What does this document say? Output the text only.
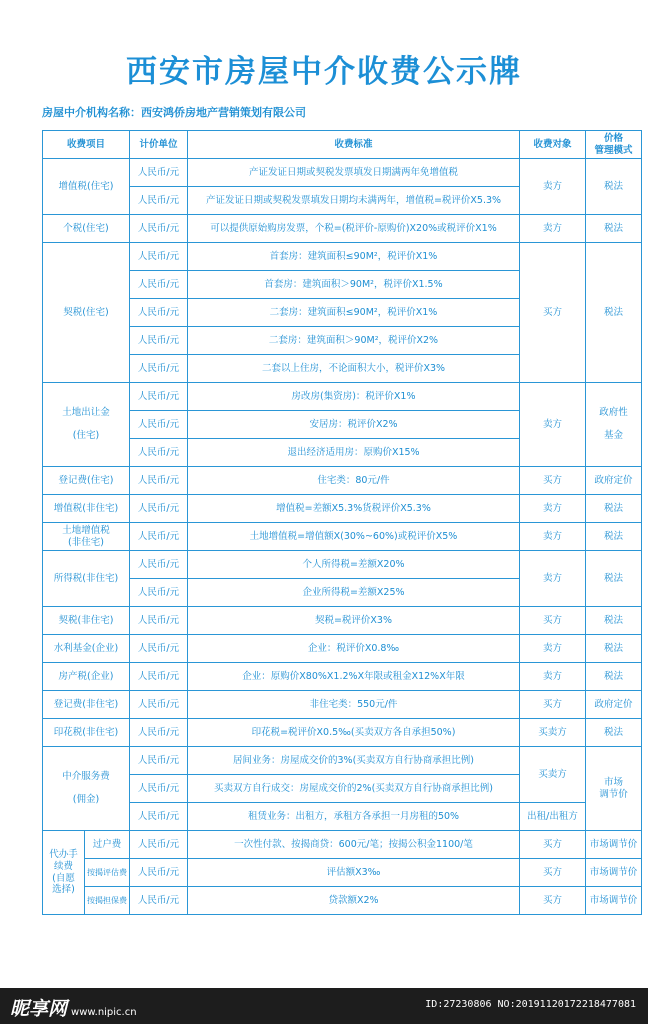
西安市房屋中介收费公示牌
房屋中介机构名称：西安鸿侨房地产营销策划有限公司
收费项目		计价单位	收费标准	收费对象	价格
管理模式
增值税(住宅)		人民币/元	产证发证日期或契税发票填发日期满两年免增值税	卖方	税法
		人民币/元	产证发证日期或契税发票填发日期均未满两年，增值税=税评价X5.3%		
个税(住宅)		人民币/元	可以提供原始购房发票，个税=(税评价-原购价)X20%或税评价X1%	卖方	税法
契税(住宅)		人民币/元	首套房：建筑面积≤90M²，税评价X1%	买方	税法
		人民币/元	首套房：建筑面积＞90M²，税评价X1.5%		
		人民币/元	二套房：建筑面积≤90M²，税评价X1%		
		人民币/元	二套房：建筑面积＞90M²，税评价X2%		
		人民币/元	二套以上住房，不论面积大小，税评价X3%		
土地出让金

(住宅)		人民币/元	房改房(集资房)：税评价X1%	卖方	政府性

基金
		人民币/元	安居房：税评价X2%		
		人民币/元	退出经济适用房：原购价X15%		
登记费(住宅)		人民币/元	住宅类：80元/件	买方	政府定价
增值税(非住宅)		人民币/元	增值税=差额X5.3%货税评价X5.3%	卖方	税法
土地增值税
(非住宅)		人民币/元	土地增值税=增值额X(30%~60%)或税评价X5%	卖方	税法
所得税(非住宅)		人民币/元	个人所得税=差额X20%	卖方	税法
		人民币/元	企业所得税=差额X25%		
契税(非住宅)		人民币/元	契税=税评价X3%	买方	税法
水利基金(企业)		人民币/元	企业：税评价X0.8‰	卖方	税法
房产税(企业)		人民币/元	企业：原购价X80%X1.2%X年限或租金X12%X年限	卖方	税法
登记费(非住宅)		人民币/元	非住宅类：550元/件	买方	政府定价
印花税(非住宅)		人民币/元	印花税=税评价X0.5‰(买卖双方各自承担50%)	买卖方	税法
中介服务费

(佣金)		人民币/元	居间业务：房屋成交价的3%(买卖双方自行协商承担比例)	买卖方	市场
调节价
		人民币/元	买卖双方自行成交：房屋成交价的2%(买卖双方自行协商承担比例)		
		人民币/元	租赁业务：出租方，承租方各承担一月房租的50%	出租/出租方	
代办手
续费
(自愿
选择)	过户费	人民币/元	一次性付款、按揭商贷：600元/笔；按揭公积金1100/笔	买方	市场调节价
	按揭评估费	人民币/元	评估额X3‰	买方	市场调节价
	按揭担保费	人民币/元	贷款额X2%	买方	市场调节价
昵享网 www.nipic.cn
ID:27230806 NO:20191120172218477081
